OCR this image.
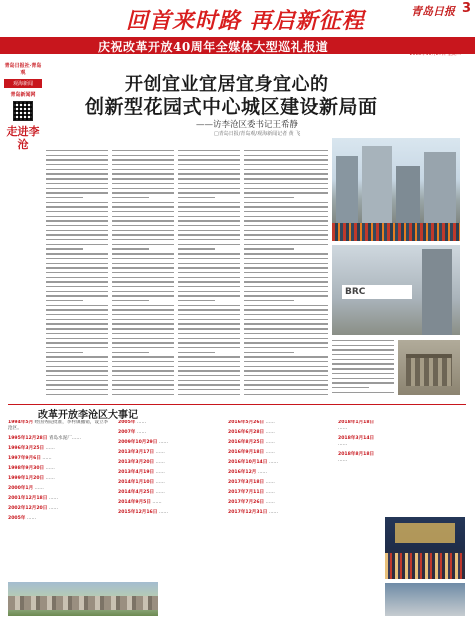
回首来时路 再启新征程	青岛日报 3
庆祝改革开放40周年全媒体大型巡礼报道
2018年11月27日 星期二
青岛日报社·青岛观
观海新闻
青岛新闻网
走进李沧
开创宜业宜居宜身宜心的
创新型花园式中心城区建设新局面
——访李沧区委书记王希静
□青岛日报/青岛观/观海新闻记者 黄 飞
BRC
改革开放李沧区大事记
1994年5月 经国务院批准，李村镇撤销，设立李沧区。
1995年12月28日 青岛水泥厂……
1996年3月25日 ……
1997年9月6日 ……
1998年9月30日 ……
1999年1月20日 ……
2000年1月 ……
2001年12月18日 ……
2002年12月20日 ……
2005年 ……
2005年 ……
2007年 ……
2009年10月29日 ……
2013年3月17日 ……
2013年3月20日 ……
2013年4月19日 ……
2014年1月10日 ……
2014年4月25日 ……
2014年9月5日 ……
2015年12月16日 ……
2016年5月26日 ……
2016年6月28日 ……
2016年8月25日 ……
2016年9月18日 ……
2016年10月14日 ……
2016年12月 ……
2017年3月18日 ……
2017年7月11日 ……
2017年7月26日 ……
2017年12月31日 ……
2018年1月18日 ……
2018年3月14日 ……
2018年8月18日 ……
